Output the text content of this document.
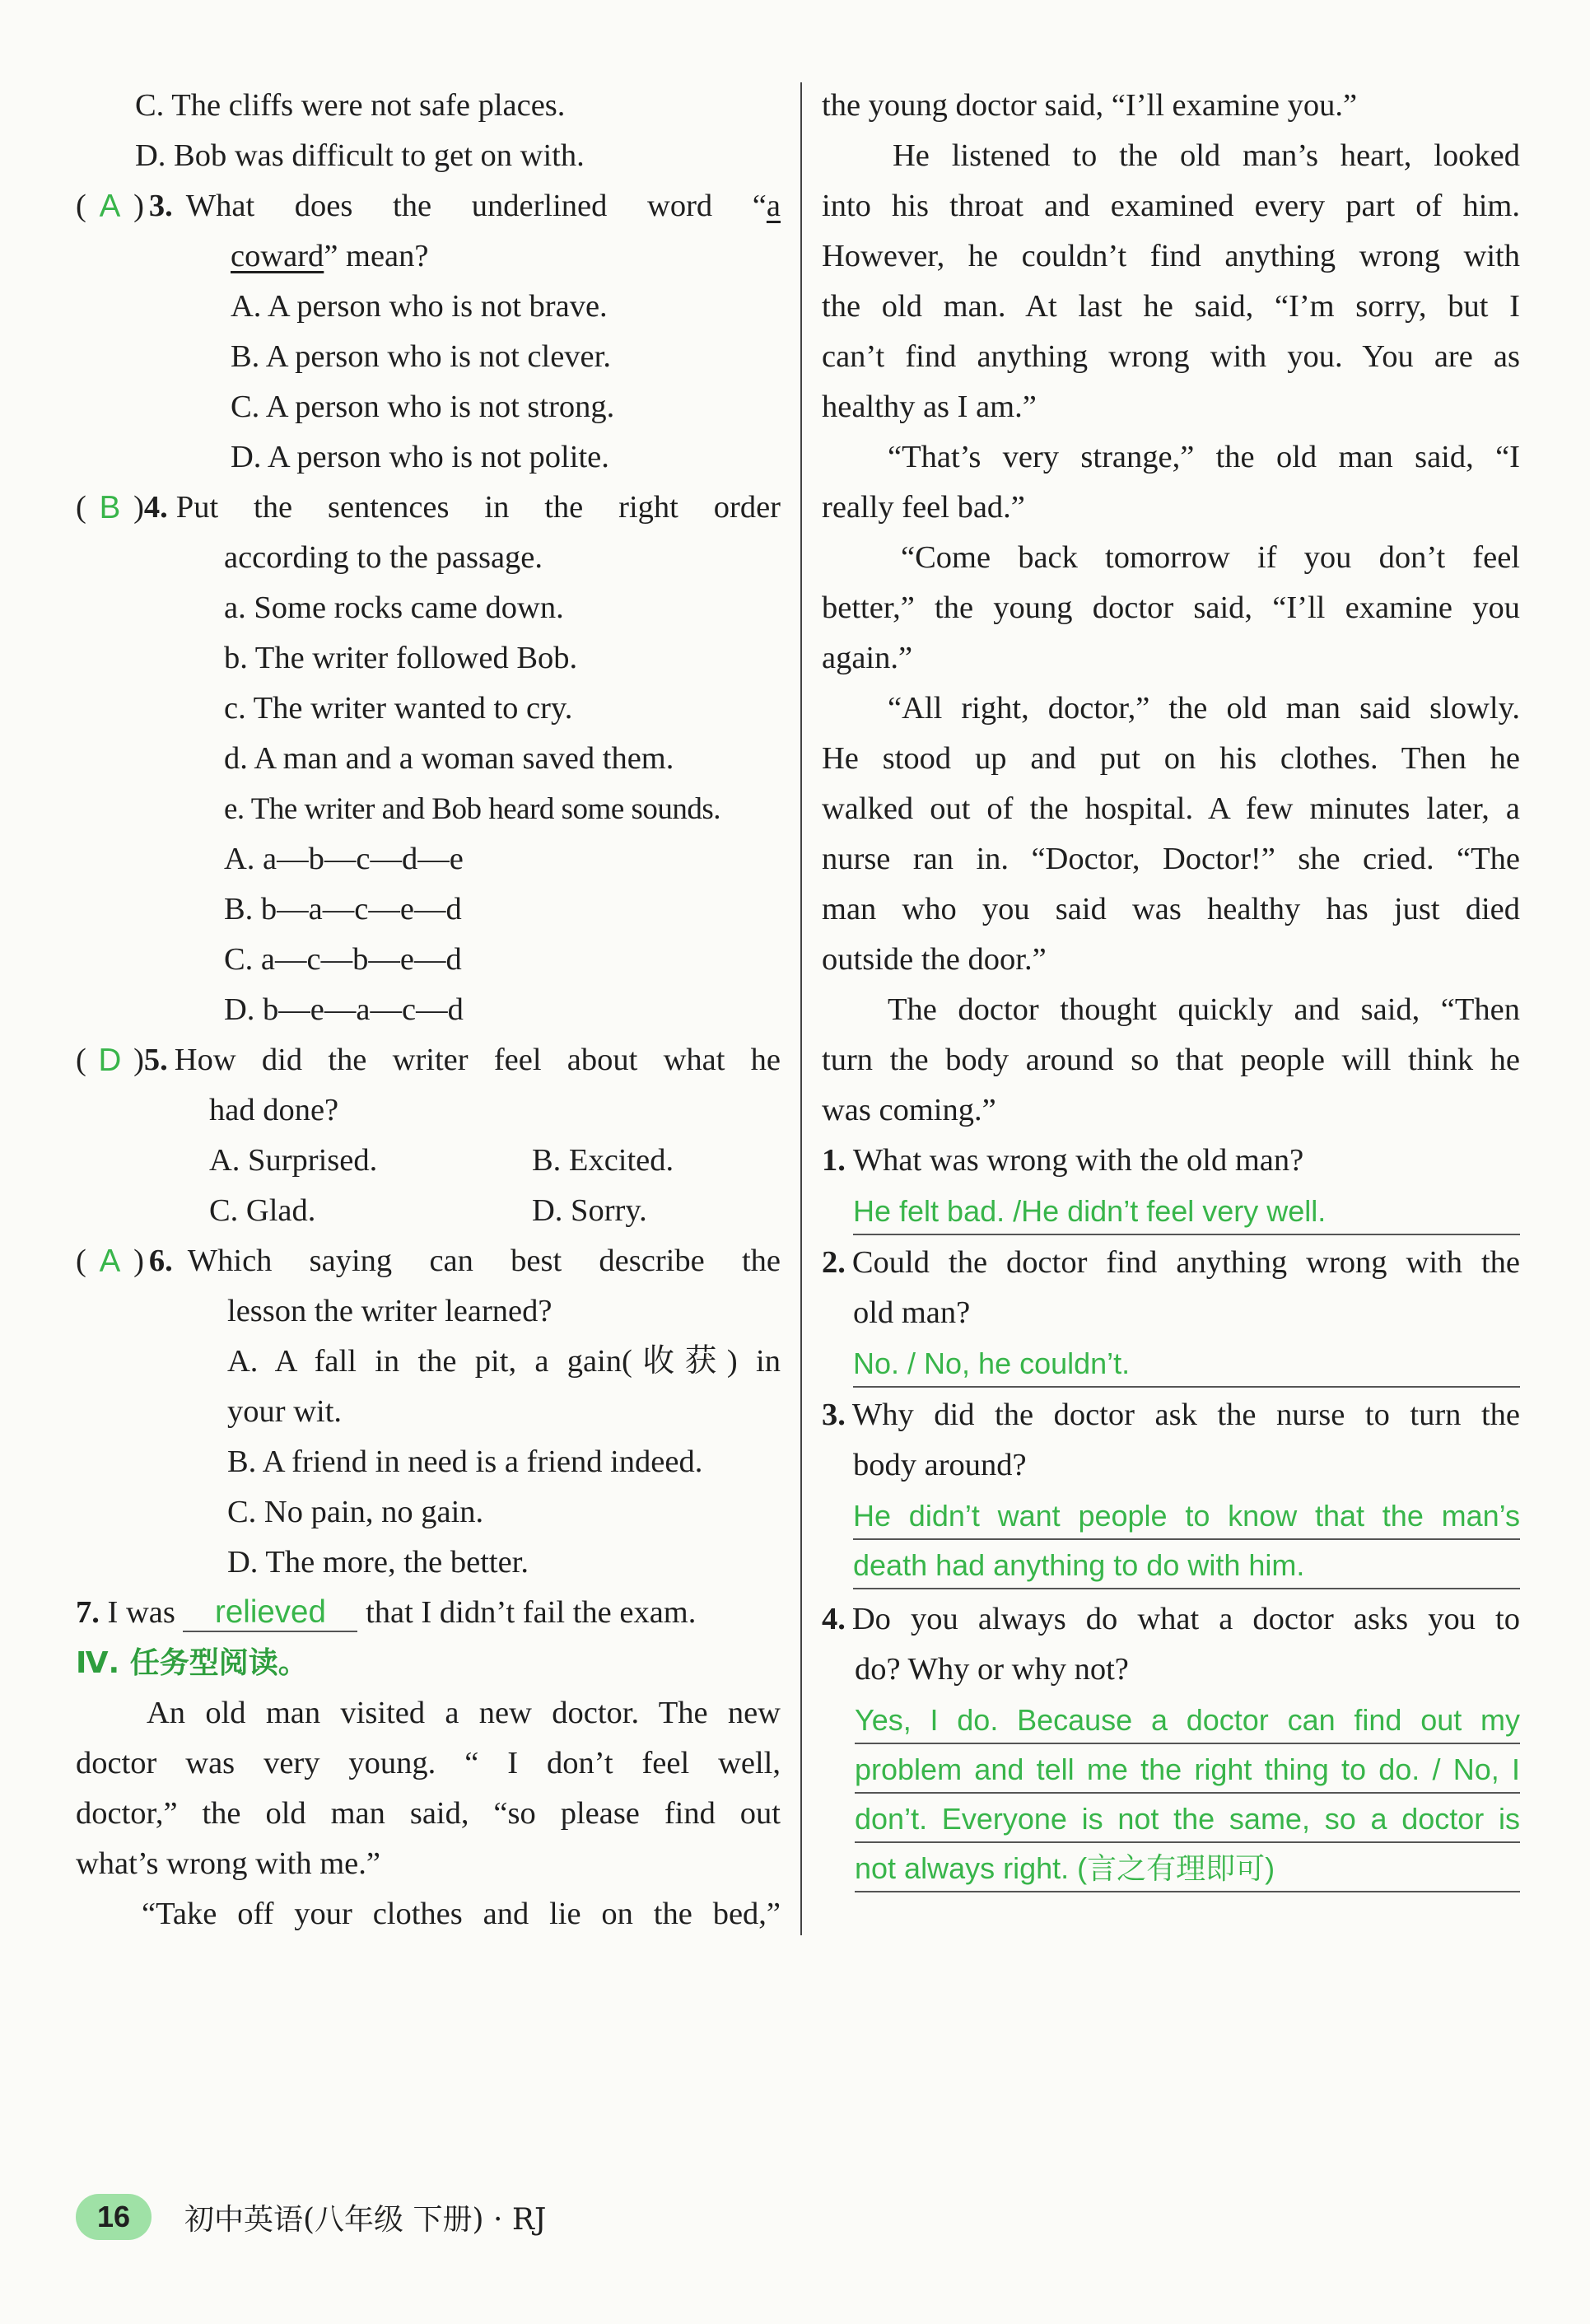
C. The cliffs were not safe places.
D. Bob was difficult to get on with.
( A ) 3. What does the underlined word “a
coward” mean?
A. A person who is not brave.
B. A person who is not clever.
C. A person who is not strong.
D. A person who is not polite.
( B ) 4. Put the sentences in the right order
according to the passage.
a. Some rocks came down.
b. The writer followed Bob.
c. The writer wanted to cry.
d. A man and a woman saved them.
e. The writer and Bob heard some sounds.
A. a—b—c—d—e
B. b—a—c—e—d
C. a—c—b—e—d
D. b—e—a—c—d
( D ) 5. How did the writer feel about what he
had done?
A. Surprised.	B. Excited.
C. Glad.	D. Sorry.
( A ) 6. Which saying can best describe the
lesson the writer learned?
A. A fall in the pit, a gain(收获) in
your wit.
B. A friend in need is a friend indeed.
C. No pain, no gain.
D. The more, the better.
7. I was relieved that I didn’t fail the exam.
Ⅳ. 任务型阅读。
An old man visited a new doctor. The new
doctor was very young. “ I don’t feel well,
doctor,” the old man said, “so please find out
what’s wrong with me.”
“Take off your clothes and lie on the bed,”
the young doctor said, “I’ll examine you.”
He listened to the old man’s heart, looked
into his throat and examined every part of him.
However, he couldn’t find anything wrong with
the old man. At last he said, “I’m sorry, but I
can’t find anything wrong with you. You are as
healthy as I am.”
“That’s very strange,” the old man said, “I
really feel bad.”
“Come back tomorrow if you don’t feel
better,” the young doctor said, “I’ll examine you
again.”
“All right, doctor,” the old man said slowly.
He stood up and put on his clothes. Then he
walked out of the hospital. A few minutes later, a
nurse ran in. “Doctor, Doctor!” she cried. “The
man who you said was healthy has just died
outside the door.”
The doctor thought quickly and said, “Then
turn the body around so that people will think he
was coming.”
1. What was wrong with the old man?
He felt bad. /He didn’t feel very well.
2. Could the doctor find anything wrong with the
old man?
No. / No, he couldn’t.
3. Why did the doctor ask the nurse to turn the
body around?
He didn’t want people to know that the man’s
death had anything to do with him.
4. Do you always do what a doctor asks you to
do? Why or why not?
Yes, I do. Because a doctor can find out my
problem and tell me the right thing to do. / No, I
don’t. Everyone is not the same, so a doctor is
not always right. (言之有理即可)
16	初中英语(八年级 下册) · RJ
